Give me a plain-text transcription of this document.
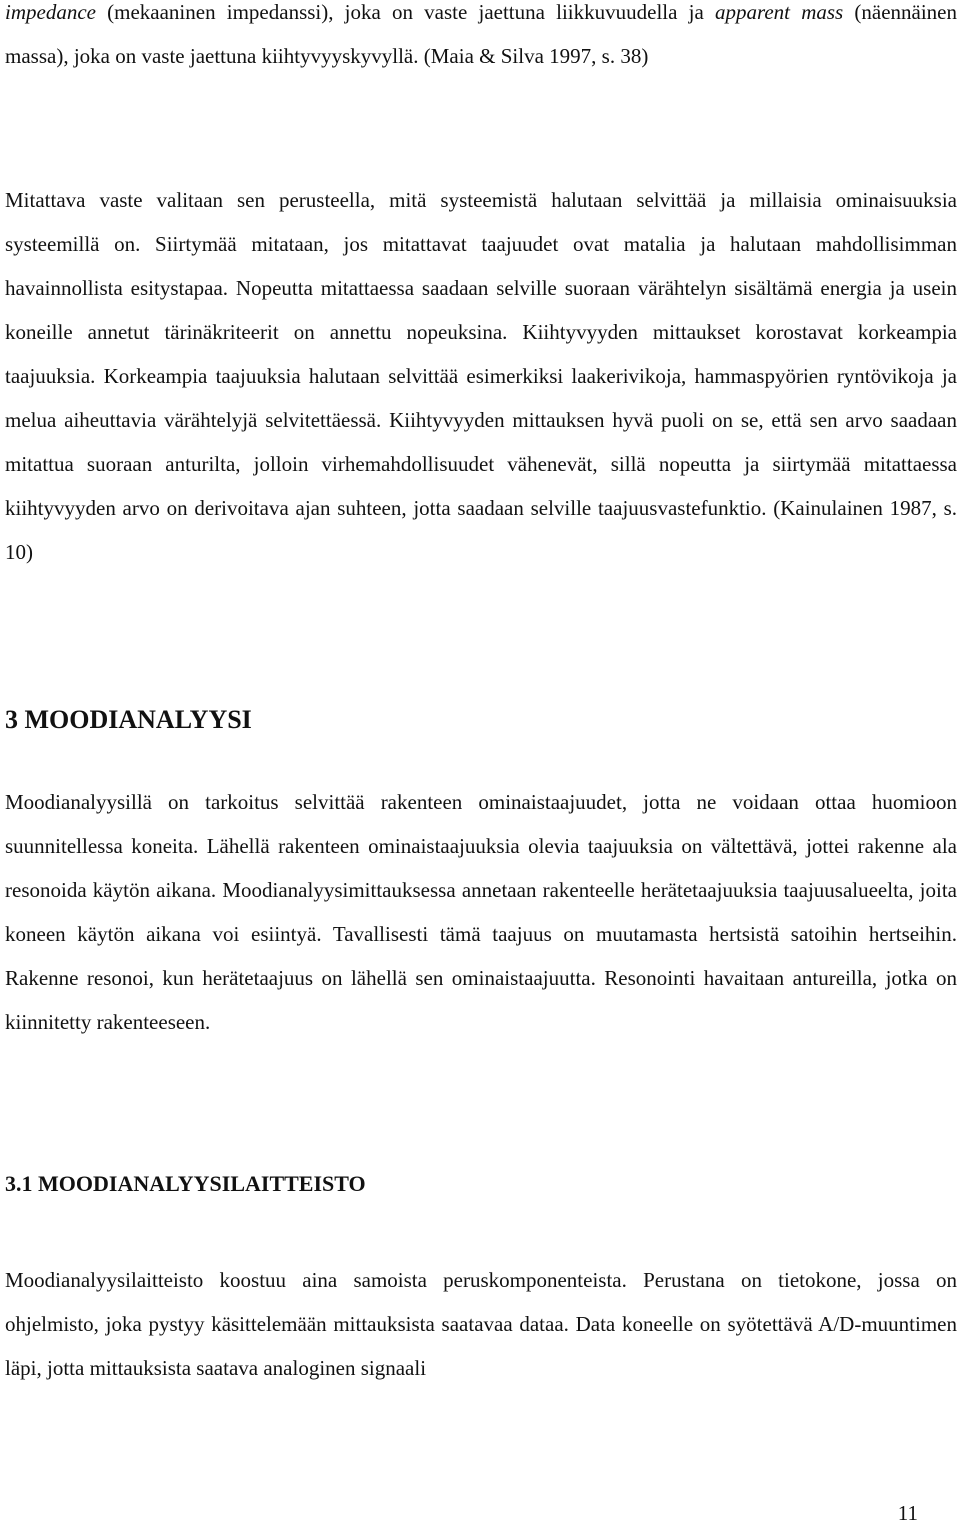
impedance (mekaaninen impedanssi), joka on vaste jaettuna liikkuvuudella ja apparent mass (näennäinen massa), joka on vaste jaettuna kiihtyvyyskyvyllä. (Maia & Silva 1997, s. 38)

Mitattava vaste valitaan sen perusteella, mitä systeemistä halutaan selvittää ja millaisia ominaisuuksia systeemillä on. Siirtymää mitataan, jos mitattavat taajuudet ovat matalia ja halutaan mahdollisimman havainnollista esitystapaa. Nopeutta mitattaessa saadaan selville suoraan värähtelyn sisältämä energia ja usein koneille annetut tärinäkriteerit on annettu nopeuksina. Kiihtyvyyden mittaukset korostavat korkeampia taajuuksia. Korkeampia taajuuksia halutaan selvittää esimerkiksi laakerivikoja, hammaspyörien ryntövikoja ja melua aiheuttavia värähtelyjä selvitettäessä. Kiihtyvyyden mittauksen hyvä puoli on se, että sen arvo saadaan mitattua suoraan anturilta, jolloin virhemahdollisuudet vähenevät, sillä nopeutta ja siirtymää mitattaessa kiihtyvyyden arvo on derivoitava ajan suhteen, jotta saadaan selville taajuusvastefunktio. (Kainulainen 1987, s. 10)

3 MOODIANALYYSI

Moodianalyysillä on tarkoitus selvittää rakenteen ominaistaajuudet, jotta ne voidaan ottaa huomioon suunnitellessa koneita. Lähellä rakenteen ominaistaajuuksia olevia taajuuksia on vältettävä, jottei rakenne ala resonoida käytön aikana. Moodianalyysimittauksessa annetaan rakenteelle herätetaajuuksia taajuusalueelta, joita koneen käytön aikana voi esiintyä. Tavallisesti tämä taajuus on muutamasta hertsistä satoihin hertseihin. Rakenne resonoi, kun herätetaajuus on lähellä sen ominaistaajuutta. Resonointi havaitaan antureilla, jotka on kiinnitetty rakenteeseen.

3.1 MOODIANALYYSILAITTEISTO

Moodianalyysilaitteisto koostuu aina samoista peruskomponenteista. Perustana on tietokone, jossa on ohjelmisto, joka pystyy käsittelemään mittauksista saatavaa dataa. Data koneelle on syötettävä A/D-muuntimen läpi, jotta mittauksista saatava analoginen signaali

11
